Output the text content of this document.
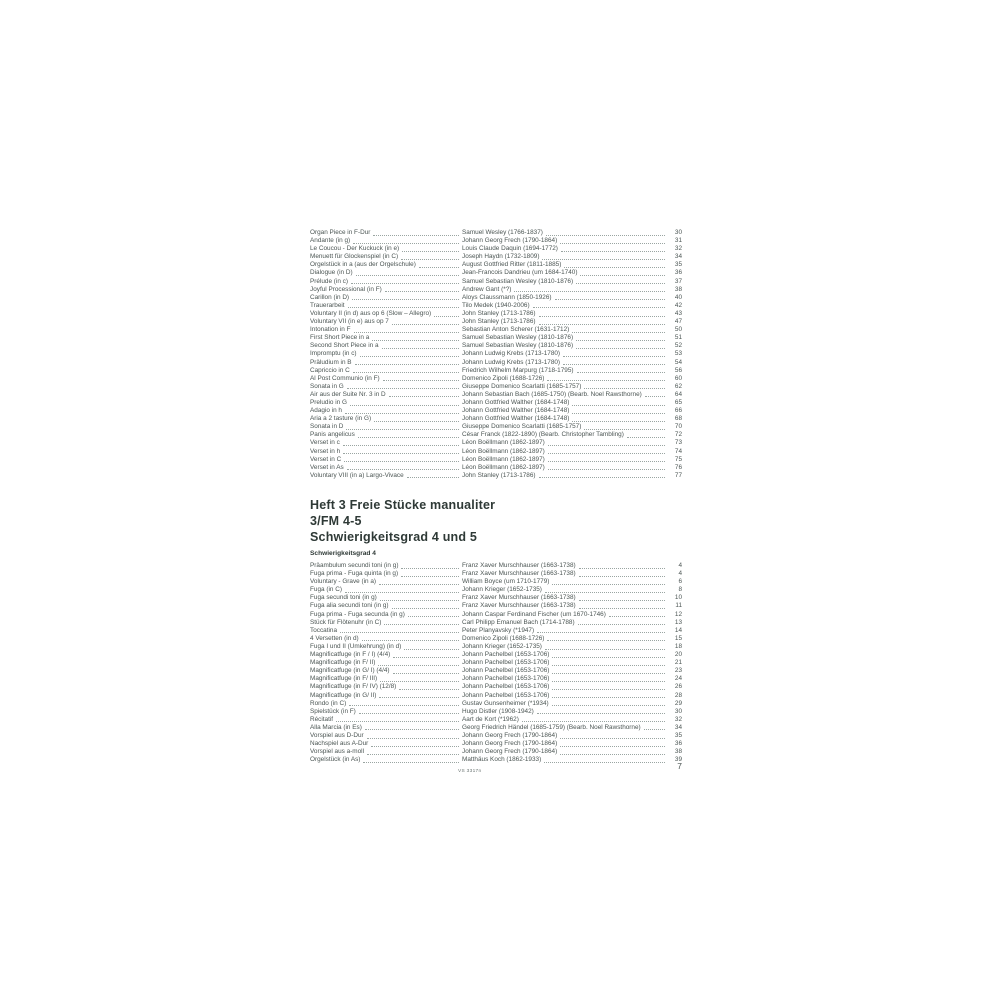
Organ Piece in F-Dur	Samuel Wesley (1766-1837)	30
Andante (in g)	Johann Georg Frech (1790-1864)	31
Le Coucou - Der Kuckuck (in e)	Louis Claude Daquin (1694-1772)	32
Menuett für Glockenspiel (in C)	Joseph Haydn (1732-1809)	34
Orgelstück in a (aus der Orgelschule)	August Gottfried Ritter (1811-1885)	35
Dialogue (in D)	Jean-Francois Dandrieu (um 1684-1740)	36
Prélude (in c)	Samuel Sebastian Wesley (1810-1876)	37
Joyful Processional (in F)	Andrew Gant (*?)	38
Carillon (in D)	Aloys Claussmann (1850-1926)	40
Trauerarbeit	Tilo Medek (1940-2006)	42
Voluntary II (in d) aus op 6 (Slow – Allegro)	John Stanley (1713-1786)	43
Voluntary VII (in e) aus op 7	John Stanley (1713-1786)	47
Intonation in F	Sebastian Anton Scherer (1631-1712)	50
First Short Piece in a	Samuel Sebastian Wesley (1810-1876)	51
Second Short Piece in a	Samuel Sebastian Wesley (1810-1876)	52
Impromptu (in c)	Johann Ludwig Krebs (1713-1780)	53
Präludium in B	Johann Ludwig Krebs (1713-1780)	54
Capriccio in C	Friedrich Wilhelm Marpurg (1718-1795)	56
Al Post Communio (in F)	Domenico Zipoli (1688-1726)	60
Sonata in G	Giuseppe Domenico Scarlatti (1685-1757)	62
Air aus der Suite Nr. 3 in D	Johann Sebastian Bach (1685-1750) (Bearb. Noel Rawsthorne)	64
Preludio in G	Johann Gottfried Walther (1684-1748)	65
Adagio in h	Johann Gottfried Walther (1684-1748)	66
Aria a 2 tasture (in G)	Johann Gottfried Walther (1684-1748)	68
Sonata in D	Giuseppe Domenico Scarlatti (1685-1757)	70
Panis angelicus	César Franck (1822-1890) (Bearb. Christopher Tambling)	72
Verset in c	Léon Boëllmann (1862-1897)	73
Verset in h	Léon Boëllmann (1862-1897)	74
Verset in C	Léon Boëllmann (1862-1897)	75
Verset in As	Léon Boëllmann (1862-1897)	76
Voluntary VIII (in a) Largo-Vivace	John Stanley (1713-1786)	77
Heft 3 Freie Stücke manualiter
3/FM 4-5
Schwierigkeitsgrad 4 und 5
Schwierigkeitsgrad 4
Präambulum secundi toni (in g)	Franz Xaver Murschhauser (1663-1738)	4
Fuga prima - Fuga quinta (in g)	Franz Xaver Murschhauser (1663-1738)	4
Voluntary - Grave (in a)	William Boyce (um 1710-1779)	6
Fuga (in C)	Johann Krieger (1652-1735)	8
Fuga secundi toni (in g)	Franz Xaver Murschhauser (1663-1738)	10
Fuga alia secundi toni (in g)	Franz Xaver Murschhauser (1663-1738)	11
Fuga prima - Fuga secunda (in g)	Johann Caspar Ferdinand Fischer (um 1670-1746)	12
Stück für Flötenuhr (in C)	Carl Philipp Emanuel Bach (1714-1788)	13
Toccatina	Peter Planyavsky (*1947)	14
4 Versetten (in d)	Domenico Zipoli (1688-1726)	15
Fuga I und II (Umkehrung) (in d)	Johann Krieger (1652-1735)	18
Magnificatfuge (in F / I) (4/4)	Johann Pachelbel (1653-1706)	20
Magnificatfuge (in F/ II)	Johann Pachelbel (1653-1706)	21
Magnificatfuge (in G/ I) (4/4)	Johann Pachelbel (1653-1706)	23
Magnificatfuge (in F/ III)	Johann Pachelbel (1653-1706)	24
Magnificatfuge (in F/ IV) (12/8)	Johann Pachelbel (1653-1706)	26
Magnificatfuge (in G/ II)	Johann Pachelbel (1653-1706)	28
Rondo (in C)	Gustav Gunsenheimer (*1934)	29
Spielstück (in F)	Hugo Distler (1908-1942)	30
Récitatif	Aart de Kort (*1962)	32
Alla Marcia (in Es)	Georg Friedrich Händel (1685-1759) (Bearb. Noel Rawsthorne)	34
Vorspiel aus D-Dur	Johann Georg Frech (1790-1864)	35
Nachspiel aus A-Dur	Johann Georg Frech (1790-1864)	36
Vorspiel aus a-moll	Johann Georg Frech (1790-1864)	38
Orgelstück (in As)	Matthäus Koch (1862-1933)	39
VS 3317n
7
